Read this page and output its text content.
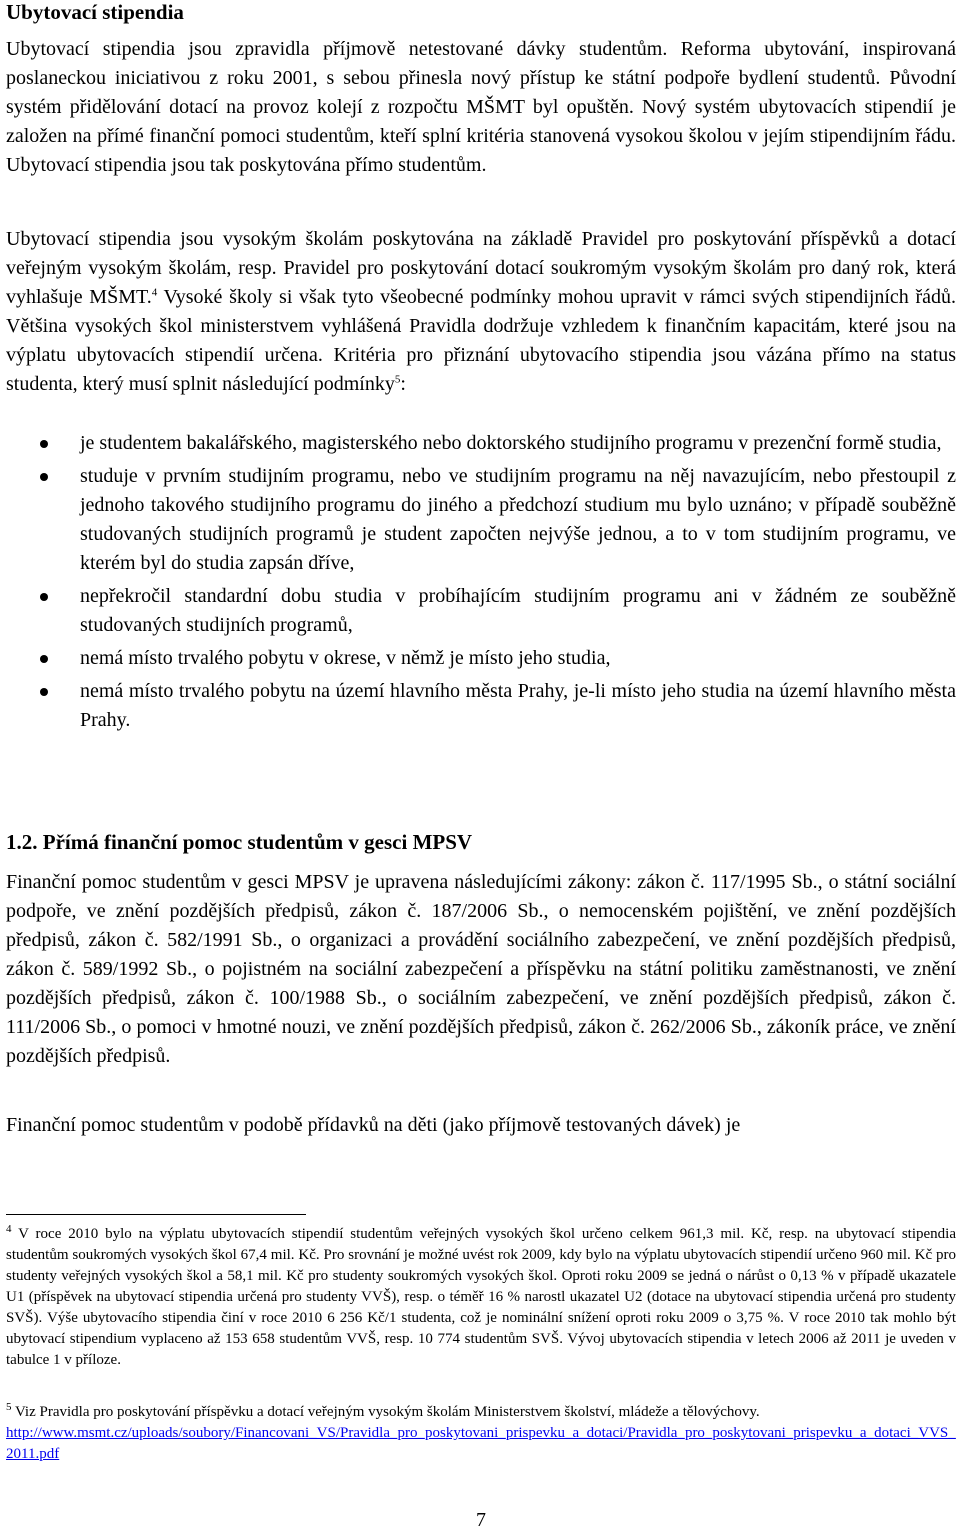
Ubytovací stipendia

Ubytovací stipendia jsou zpravidla příjmově netestované dávky studentům. Reforma ubytování, inspirovaná poslaneckou iniciativou z roku 2001, s sebou přinesla nový přístup ke státní podpoře bydlení studentů. Původní systém přidělování dotací na provoz kolejí z rozpočtu MŠMT byl opuštěn. Nový systém ubytovacích stipendií je založen na přímé finanční pomoci studentům, kteří splní kritéria stanovená vysokou školou v jejím stipendijním řádu. Ubytovací stipendia jsou tak poskytována přímo studentům.

Ubytovací stipendia jsou vysokým školám poskytována na základě Pravidel pro poskytování příspěvků a dotací veřejným vysokým školám, resp. Pravidel pro poskytování dotací soukromým vysokým školám pro daný rok, která vyhlašuje MŠMT.$^4$ Vysoké školy si však tyto všeobecné podmínky mohou upravit v rámci svých stipendijních řádů. Většina vysokých škol ministerstvem vyhlášená Pravidla dodržuje vzhledem k finančním kapacitám, které jsou na výplatu ubytovacích stipendií určena. Kritéria pro přiznání ubytovacího stipendia jsou vázána přímo na status studenta, který musí splnit následující podmínky$^5$:

je studentem bakalářského, magisterského nebo doktorského studijního programu v prezenční formě studia,
studuje v prvním studijním programu, nebo ve studijním programu na něj navazujícím, nebo přestoupil z jednoho takového studijního programu do jiného a předchozí studium mu bylo uznáno; v případě souběžně studovaných studijních programů je student započten nejvýše jednou, a to v tom studijním programu, ve kterém byl do studia zapsán dříve,
nepřekročil standardní dobu studia v probíhajícím studijním programu ani v žádném ze souběžně studovaných studijních programů,
nemá místo trvalého pobytu v okrese, v němž je místo jeho studia,
nemá místo trvalého pobytu na území hlavního města Prahy, je-li místo jeho studia na území hlavního města Prahy.
1.2. Přímá finanční pomoc studentům v gesci MPSV

Finanční pomoc studentům v gesci MPSV je upravena následujícími zákony: zákon č. 117/1995 Sb., o státní sociální podpoře, ve znění pozdějších předpisů, zákon č. 187/2006 Sb., o nemocenském pojištění, ve znění pozdějších předpisů, zákon č. 582/1991 Sb., o organizaci a provádění sociálního zabezpečení, ve znění pozdějších předpisů, zákon č. 589/1992 Sb., o pojistném na sociální zabezpečení a příspěvku na státní politiku zaměstnanosti, ve znění pozdějších předpisů, zákon č. 100/1988 Sb., o sociálním zabezpečení, ve znění pozdějších předpisů, zákon č. 111/2006 Sb., o pomoci v hmotné nouzi, ve znění pozdějších předpisů, zákon č. 262/2006 Sb., zákoník práce, ve znění pozdějších předpisů.

Finanční pomoc studentům v podobě přídavků na děti (jako příjmově testovaných dávek) je

$^4$ V roce 2010 bylo na výplatu ubytovacích stipendií studentům veřejných vysokých škol určeno celkem 961,3 mil. Kč, resp. na ubytovací stipendia studentům soukromých vysokých škol 67,4 mil. Kč. Pro srovnání je možné uvést rok 2009, kdy bylo na výplatu ubytovacích stipendií určeno 960 mil. Kč pro studenty veřejných vysokých škol a 58,1 mil. Kč pro studenty soukromých vysokých škol. Oproti roku 2009 se jedná o nárůst o 0,13 % v případě ukazatele U1 (příspěvek na ubytovací stipendia určená pro studenty VVŠ), resp. o téměř 16 % narostl ukazatel U2 (dotace na ubytovací stipendia určená pro studenty SVŠ). Výše ubytovacího stipendia činí v roce 2010 6 256 Kč/1 studenta, což je nominální snížení oproti roku 2009 o 3,75 %. V roce 2010 tak mohlo být ubytovací stipendium vyplaceno až 153 658 studentům VVŠ, resp. 10 774 studentům SVŠ. Vývoj ubytovacích stipendia v letech 2006 až 2011 je uveden v tabulce 1 v příloze.

$^5$ Viz Pravidla pro poskytování příspěvku a dotací veřejným vysokým školám Ministerstvem školství, mládeže a tělovýchovy.
http://www.msmt.cz/uploads/soubory/Financovani_VS/Pravidla_pro_poskytovani_prispevku_a_dotaci/Pravidla_pro_poskytovani_prispevku_a_dotaci_VVS_2011.pdf

7
